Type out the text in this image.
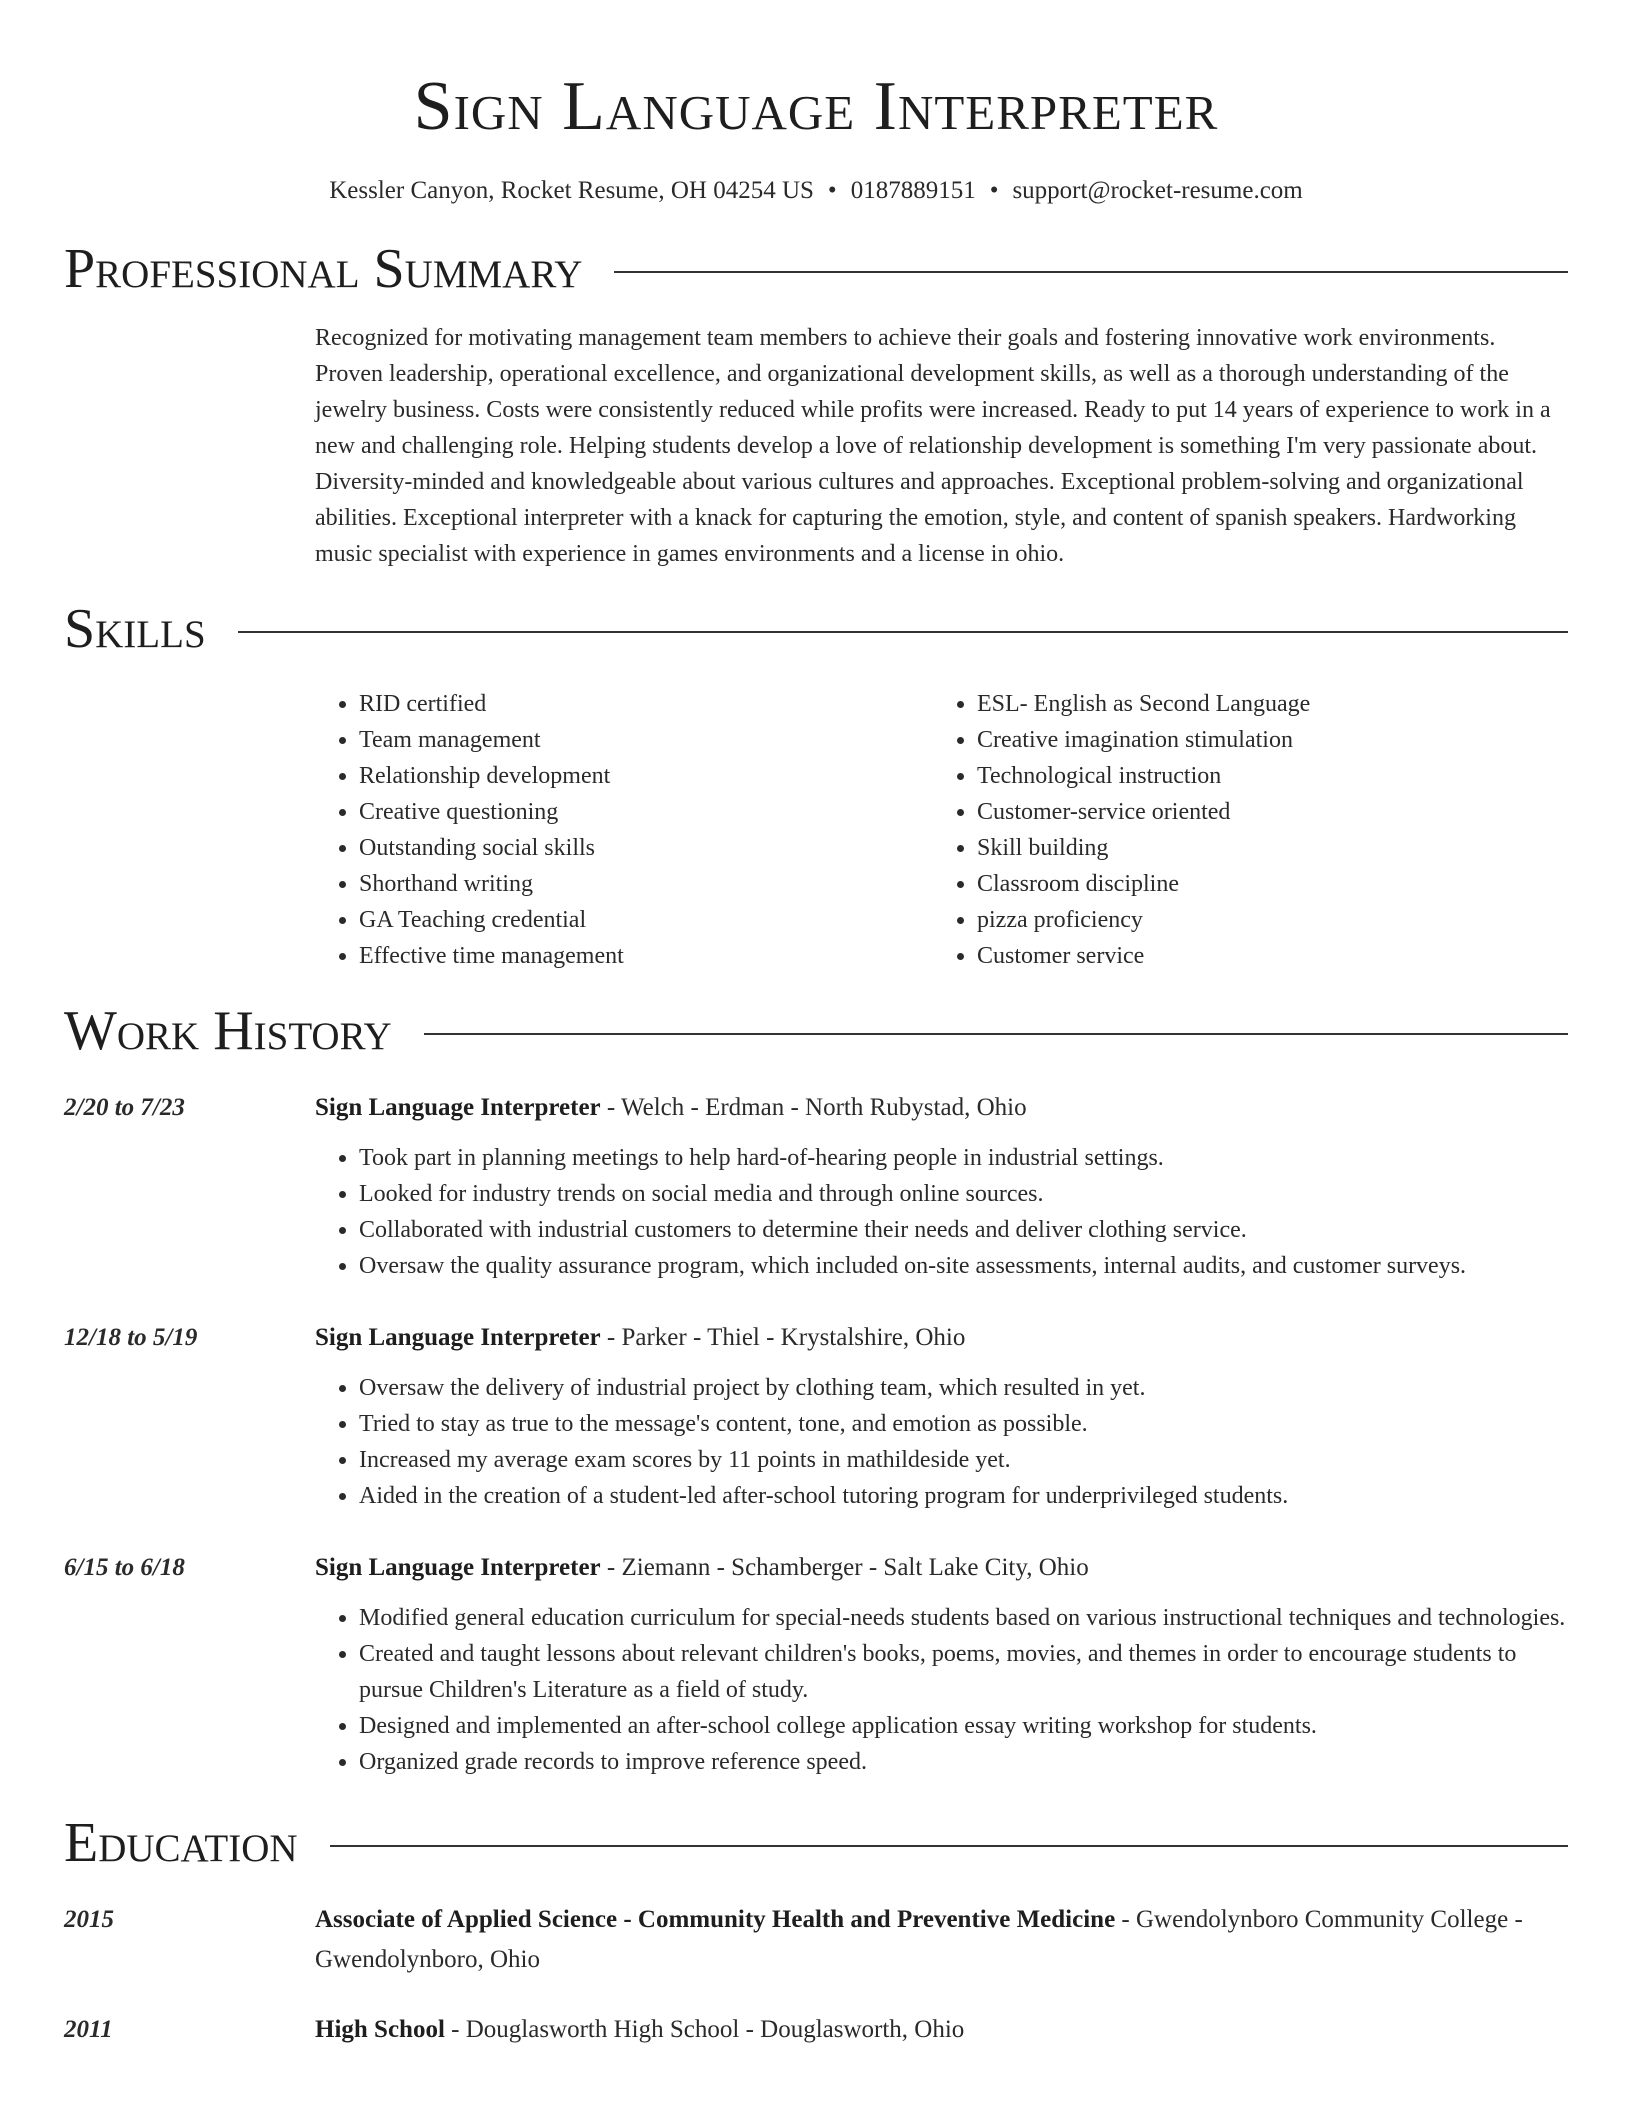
Sign Language Interpreter
Kessler Canyon, Rocket Resume, OH 04254 US • 0187889151 • support@rocket-resume.com
Professional Summary

Recognized for motivating management team members to achieve their goals and fostering innovative work environments. Proven leadership, operational excellence, and organizational development skills, as well as a thorough understanding of the jewelry business. Costs were consistently reduced while profits were increased. Ready to put 14 years of experience to work in a new and challenging role. Helping students develop a love of relationship development is something I'm very passionate about. Diversity-minded and knowledgeable about various cultures and approaches. Exceptional problem-solving and organizational abilities. Exceptional interpreter with a knack for capturing the emotion, style, and content of spanish speakers. Hardworking music specialist with experience in games environments and a license in ohio.

Skills
• RID certified
• Team management
• Relationship development
• Creative questioning
• Outstanding social skills
• Shorthand writing
• GA Teaching credential
• Effective time management
• ESL- English as Second Language
• Creative imagination stimulation
• Technological instruction
• Customer-service oriented
• Skill building
• Classroom discipline
• pizza proficiency
• Customer service
Work History
2/20 to 7/23	Sign Language Interpreter - Welch - Erdman - North Rubystad, Ohio
• Took part in planning meetings to help hard-of-hearing people in industrial settings.
• Looked for industry trends on social media and through online sources.
• Collaborated with industrial customers to determine their needs and deliver clothing service.
• Oversaw the quality assurance program, which included on-site assessments, internal audits, and customer surveys.
12/18 to 5/19	Sign Language Interpreter - Parker - Thiel - Krystalshire, Ohio
• Oversaw the delivery of industrial project by clothing team, which resulted in yet.
• Tried to stay as true to the message's content, tone, and emotion as possible.
• Increased my average exam scores by 11 points in mathildeside yet.
• Aided in the creation of a student-led after-school tutoring program for underprivileged students.
6/15 to 6/18	Sign Language Interpreter - Ziemann - Schamberger - Salt Lake City, Ohio
• Modified general education curriculum for special-needs students based on various instructional techniques and technologies.
• Created and taught lessons about relevant children's books, poems, movies, and themes in order to encourage students to pursue Children's Literature as a field of study.
• Designed and implemented an after-school college application essay writing workshop for students.
• Organized grade records to improve reference speed.
Education
2015	Associate of Applied Science - Community Health and Preventive Medicine - Gwendolynboro Community College - Gwendolynboro, Ohio
2011	High School - Douglasworth High School - Douglasworth, Ohio
